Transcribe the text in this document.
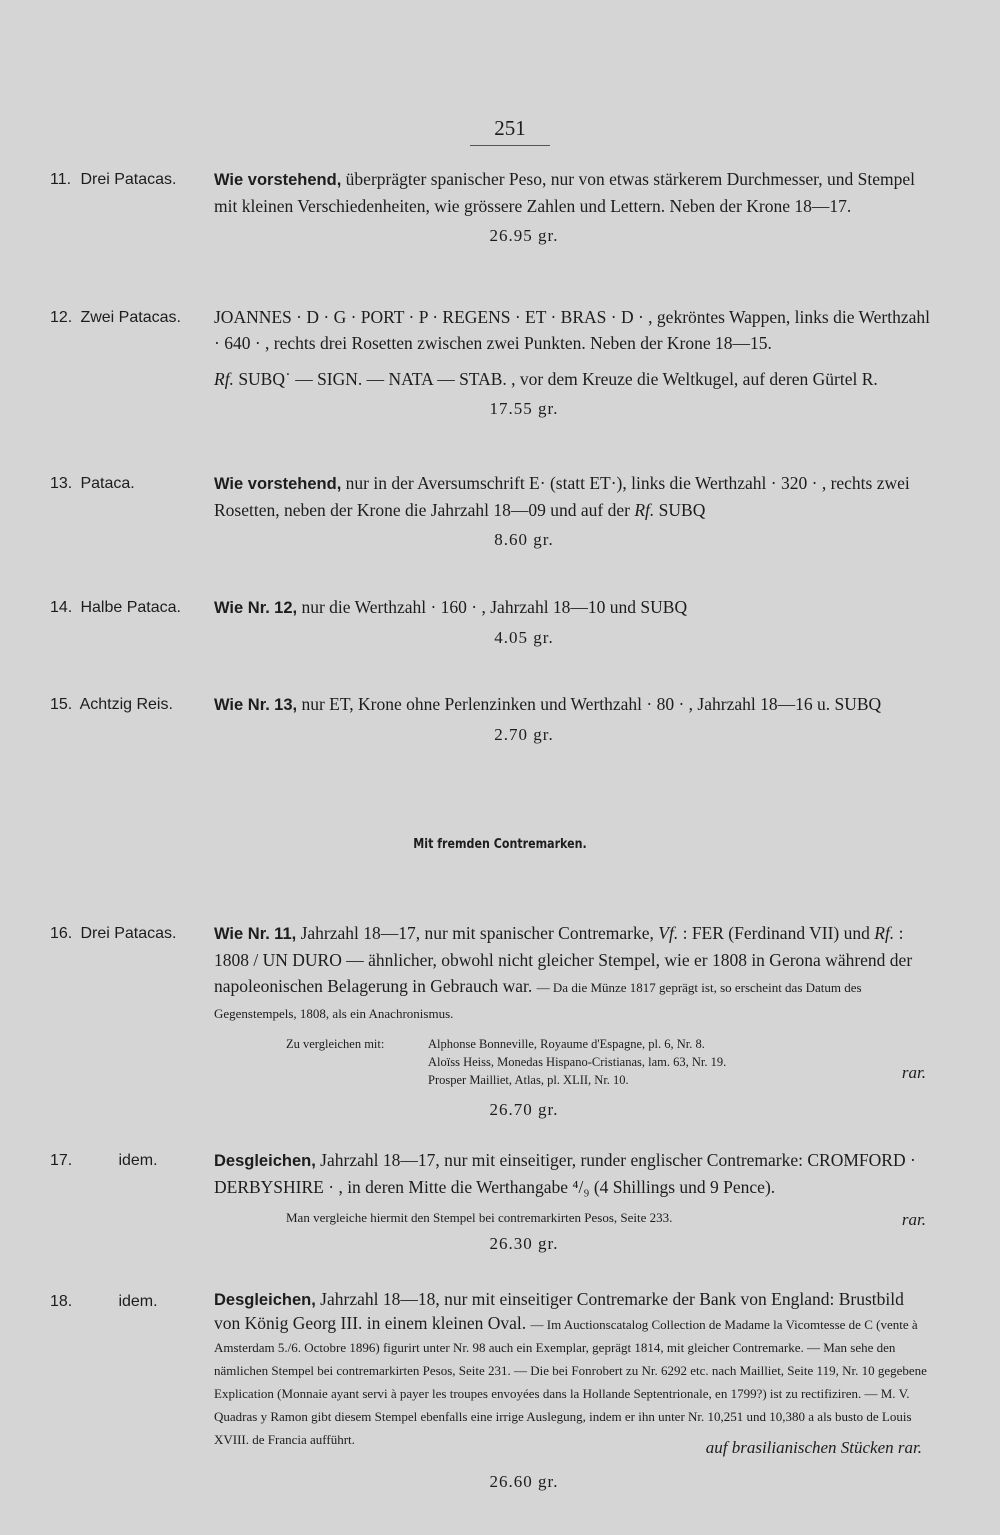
251
11. Drei Patacas.	Wie vorstehend, überprägter spanischer Peso, nur von etwas stärkerem Durchmesser, und Stempel mit kleinen Verschiedenheiten, wie grössere Zahlen und Lettern. Neben der Krone 18—17.

26.95 gr.
12. Zwei Patacas.	JOANNES · D · G · PORT · P · REGENS · ET · BRAS · D · , gekröntes Wappen, links die Werthzahl · 640 · , rechts drei Rosetten zwischen zwei Punkten. Neben der Krone 18—15.

Rf. SUBQ˙ — SIGN. — NATA — STAB. , vor dem Kreuze die Weltkugel, auf deren Gürtel R.

17.55 gr.
13. Pataca.	Wie vorstehend, nur in der Aversumschrift E· (statt ET·), links die Werthzahl · 320 · , rechts zwei Rosetten, neben der Krone die Jahrzahl 18—09 und auf der Rf. SUBQ

8.60 gr.
14. Halbe Pataca.	Wie Nr. 12, nur die Werthzahl · 160 · , Jahrzahl 18—10 und SUBQ

4.05 gr.
15. Achtzig Reis.	Wie Nr. 13, nur ET, Krone ohne Perlenzinken und Werthzahl · 80 · , Jahrzahl 18—16 u. SUBQ

2.70 gr.
Mit fremden Contremarken.
16. Drei Patacas.	Wie Nr. 11, Jahrzahl 18—17, nur mit spanischer Contremarke, Vf. : FER (Ferdinand VII) und Rf. : 1808 / UN DURO — ähnlicher, obwohl nicht gleicher Stempel, wie er 1808 in Gerona während der napoleonischen Belagerung in Gebrauch war. — Da die Münze 1817 geprägt ist, so erscheint das Datum des Gegenstempels, 1808, als ein Anachronismus.

Zu vergleichen mit:	Alphonse Bonneville, Royaume d'Espagne, pl. 6, Nr. 8.
Aloïss Heiss, Monedas Hispano-Cristianas, lam. 63, Nr. 19.
Prosper Mailliet, Atlas, pl. XLII, Nr. 10.	rar.
26.70 gr.
17.	idem.	Desgleichen, Jahrzahl 18—17, nur mit einseitiger, runder englischer Contremarke: CROMFORD · DERBYSHIRE · , in deren Mitte die Werthangabe ⁴/₉ (4 Shillings und 9 Pence).

Man vergleiche hiermit den Stempel bei contremarkirten Pesos, Seite 233.	rar.
26.30 gr.
18.	idem.	Desgleichen, Jahrzahl 18—18, nur mit einseitiger Contremarke der Bank von England: Brustbild von König Georg III. in einem kleinen Oval. — Im Auctionscatalog Collection de Madame la Vicomtesse de C (vente à Amsterdam 5./6. Octobre 1896) figurirt unter Nr. 98 auch ein Exemplar, geprägt 1814, mit gleicher Contremarke. — Man sehe den nämlichen Stempel bei contremarkirten Pesos, Seite 231. — Die bei Fonrobert zu Nr. 6292 etc. nach Mailliet, Seite 119, Nr. 10 gegebene Explication (Monnaie ayant servi à payer les troupes envoyées dans la Hollande Septentrionale, en 1799?) ist zu rectifiziren. — M. V. Quadras y Ramon gibt diesem Stempel ebenfalls eine irrige Auslegung, indem er ihn unter Nr. 10,251 und 10,380 a als busto de Louis XVIII. de Francia aufführt.	auf brasilianischen Stücken rar.
26.60 gr.
